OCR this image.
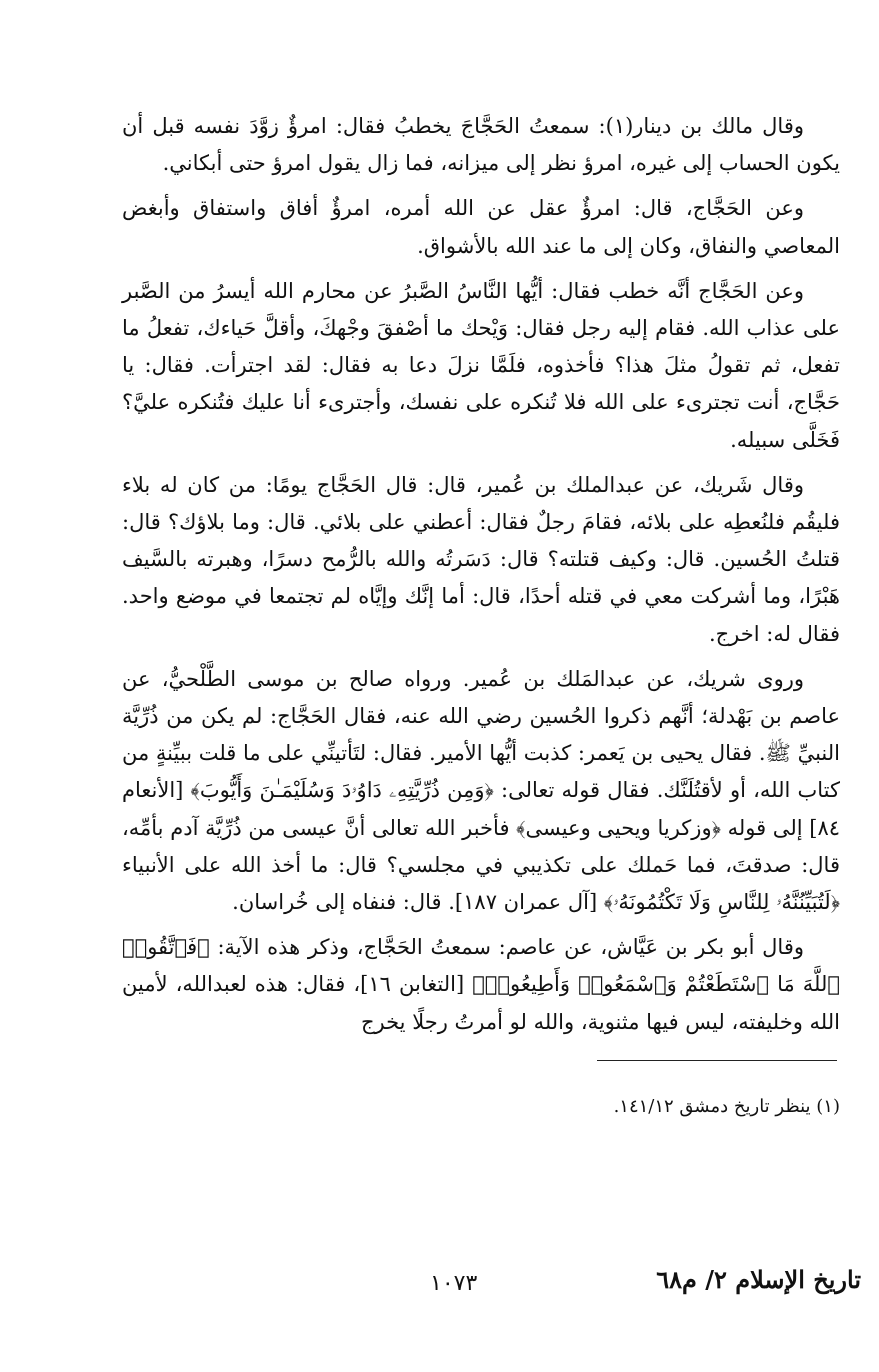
وقال مالك بن دينار(١): سمعتُ الحَجَّاجَ يخطبُ فقال: امرؤٌ زوَّدَ نفسه قبل أن يكون الحساب إلى غيره، امرؤ نظر إلى ميزانه، فما زال يقول امرؤ حتى أبكاني.

وعن الحَجَّاج، قال: امرؤٌ عقل عن الله أمره، امرؤٌ أفاق واستفاق وأبغض المعاصي والنفاق، وكان إلى ما عند الله بالأشواق.

وعن الحَجَّاج أنَّه خطب فقال: أيُّها النَّاسُ الصَّبرُ عن محارم الله أيسرُ من الصَّبر على عذاب الله. فقام إليه رجل فقال: وَيْحك ما أصْفقَ وجْهكَ، وأقلَّ حَياءك، تفعلُ ما تفعل، ثم تقولُ مثلَ هذا؟ فأخذوه، فلَمَّا نزلَ دعا به فقال: لقد اجترأت. فقال: يا حَجَّاج، أنت تجترىء على الله فلا تُنكره على نفسك، وأجترىء أنا عليك فتُنكره عليَّ؟ فَخَلَّى سبيله.

وقال شَريك، عن عبدالملك بن عُمير، قال: قال الحَجَّاج يومًا: من كان له بلاء فليقُم فلنُعطِه على بلائه، فقامَ رجلٌ فقال: أعطني على بلائي. قال: وما بلاؤك؟ قال: قتلتُ الحُسين. قال: وكيف قتلته؟ قال: دَسَرتُه والله بالرُّمح دسرًا، وهبرته بالسَّيف هَبْرًا، وما أشركت معي في قتله أحدًا، قال: أما إنَّك وإيَّاه لم تجتمعا في موضع واحد. فقال له: اخرج.

وروى شريك، عن عبدالمَلك بن عُمير. ورواه صالح بن موسى الطَّلْحيُّ، عن عاصم بن بَهْدلة؛ أنَّهم ذكروا الحُسين رضي الله عنه، فقال الحَجَّاج: لم يكن من ذُرِّيَّة النبيِّ ﷺ. فقال يحيى بن يَعمر: كذبت أيُّها الأمير. فقال: لتَأتينِّي على ما قلت ببيِّنةٍ من كتاب الله، أو لأقتُلَنَّك. فقال قوله تعالى: ﴿وَمِن ذُرِّيَّتِهِۦ دَاوُۥدَ وَسُلَيْمَـٰنَ وَأَيُّوبَ﴾ [الأنعام ٨٤] إلى قوله ﴿وزكريا ويحيى وعيسى﴾ فأخبر الله تعالى أنَّ عيسى من ذُرِّيَّة آدم بأمِّه، قال: صدقتَ، فما حَملك على تكذيبي في مجلسي؟ قال: ما أخذ الله على الأنبياء ﴿لَتُبَيِّنُنَّهُۥ لِلنَّاسِ وَلَا تَكْتُمُونَهُۥ﴾ [آل عمران ١٨٧]. قال: فنفاه إلى خُراسان.

وقال أبو بكر بن عَيَّاش، عن عاصم: سمعتُ الحَجَّاج، وذكر هذه الآية: ﴿فَٱتَّقُوا۟ ٱللَّهَ مَا ٱسْتَطَعْتُمْ وَٱسْمَعُوا۟ وَأَطِيعُوا۟﴾ [التغابن ١٦]، فقال: هذه لعبدالله، لأمين الله وخليفته، ليس فيها مثنوية، والله لو أمرتُ رجلًا يخرج

(١) ينظر تاريخ دمشق ١٤١/١٢.
تاريخ الإسلام ٢/ م٦٨
١٠٧٣
